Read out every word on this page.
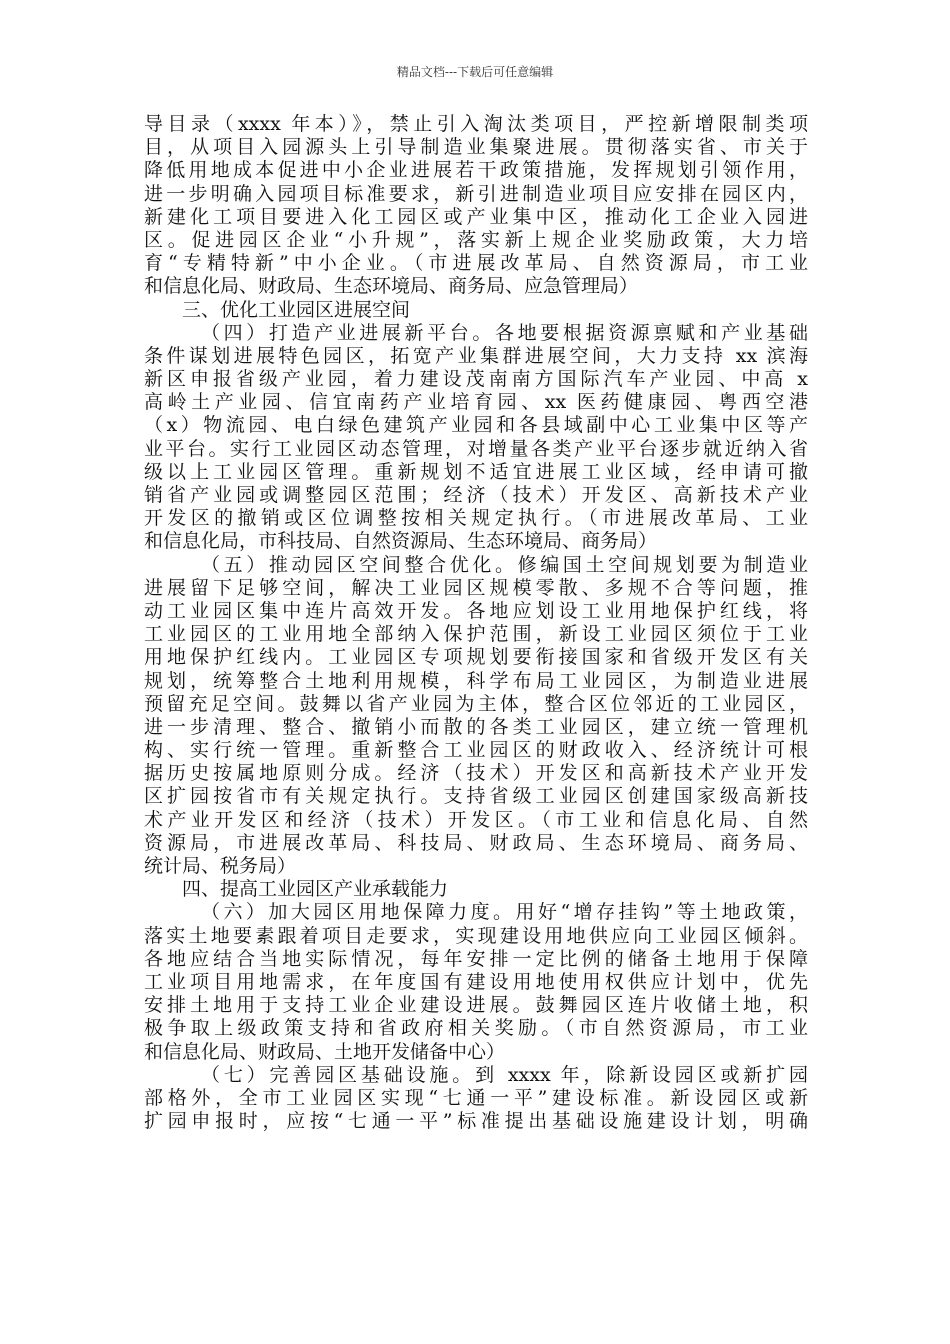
精品文档---下载后可任意编辑
导目录（xxxx 年本）》，禁止引入淘汰类项目，严控新增限制类项
目，从项目入园源头上引导制造业集聚进展。贯彻落实省、市关于
降低用地成本促进中小企业进展若干政策措施，发挥规划引领作用，
进一步明确入园项目标准要求，新引进制造业项目应安排在园区内，
新建化工项目要进入化工园区或产业集中区，推动化工企业入园进
区。促进园区企业“小升规”，落实新上规企业奖励政策，大力培
育“专精特新”中小企业。（市进展改革局、自然资源局，市工业
和信息化局、财政局、生态环境局、商务局、应急管理局）
三、优化工业园区进展空间
（四）打造产业进展新平台。各地要根据资源禀赋和产业基础
条件谋划进展特色园区，拓宽产业集群进展空间，大力支持 xx 滨海
新区申报省级产业园，着力建设茂南南方国际汽车产业园、中高 x
高岭土产业园、信宜南药产业培育园、xx 医药健康园、粤西空港
（x）物流园、电白绿色建筑产业园和各县域副中心工业集中区等产
业平台。实行工业园区动态管理，对增量各类产业平台逐步就近纳入省
级以上工业园区管理。重新规划不适宜进展工业区域，经申请可撤
销省产业园或调整园区范围；经济（技术）开发区、高新技术产业
开发区的撤销或区位调整按相关规定执行。（市进展改革局、工业
和信息化局，市科技局、自然资源局、生态环境局、商务局）
（五）推动园区空间整合优化。修编国土空间规划要为制造业
进展留下足够空间，解决工业园区规模零散、多规不合等问题，推
动工业园区集中连片高效开发。各地应划设工业用地保护红线，将
工业园区的工业用地全部纳入保护范围，新设工业园区须位于工业
用地保护红线内。工业园区专项规划要衔接国家和省级开发区有关
规划，统筹整合土地利用规模，科学布局工业园区，为制造业进展
预留充足空间。鼓舞以省产业园为主体，整合区位邻近的工业园区，
进一步清理、整合、撤销小而散的各类工业园区，建立统一管理机
构、实行统一管理。重新整合工业园区的财政收入、经济统计可根
据历史按属地原则分成。经济（技术）开发区和高新技术产业开发
区扩园按省市有关规定执行。支持省级工业园区创建国家级高新技
术产业开发区和经济（技术）开发区。（市工业和信息化局、自然
资源局，市进展改革局、科技局、财政局、生态环境局、商务局、
统计局、税务局）
四、提高工业园区产业承载能力
（六）加大园区用地保障力度。用好“增存挂钩”等土地政策，
落实土地要素跟着项目走要求，实现建设用地供应向工业园区倾斜。
各地应结合当地实际情况，每年安排一定比例的储备土地用于保障
工业项目用地需求，在年度国有建设用地使用权供应计划中，优先
安排土地用于支持工业企业建设进展。鼓舞园区连片收储土地，积
极争取上级政策支持和省政府相关奖励。（市自然资源局，市工业
和信息化局、财政局、土地开发储备中心）
（七）完善园区基础设施。到 xxxx 年，除新设园区或新扩园
部格外，全市工业园区实现“七通一平”建设标准。新设园区或新
扩园申报时，应按“七通一平”标准提出基础设施建设计划，明确
